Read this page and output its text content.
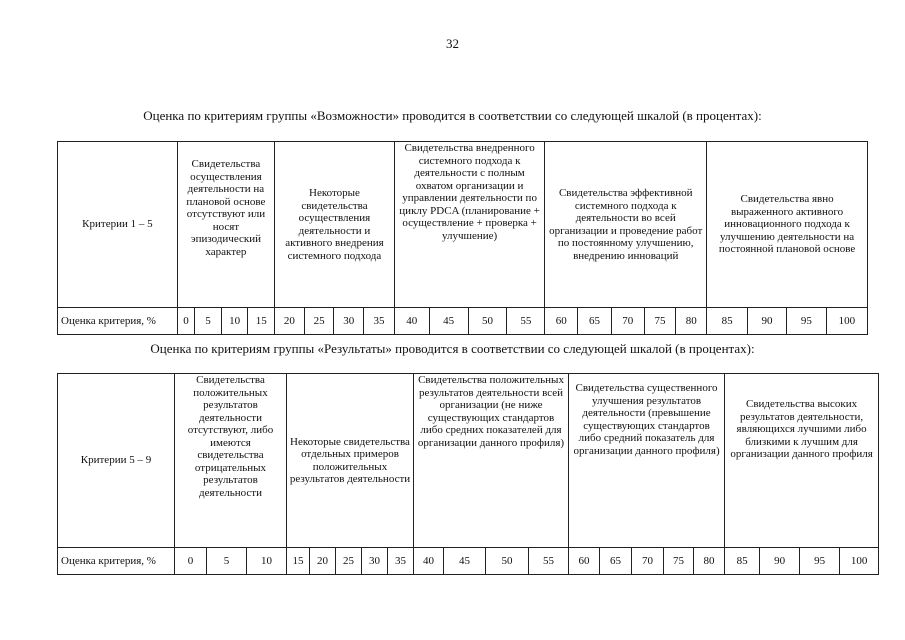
32
Оценка по критериям группы «Возможности» проводится в соответствии со следующей шкалой (в процентах):
Критерии 1 – 5	Свидетельства осуществления деятельности на плановой основе отсутствуют или носят эпизодический характер				Некоторые свидетельства осуществления деятельности и активного внедрения системного подхода				Свидетельства внедренного системного подхода к деятельности с полным охватом организации и управлении деятельности по циклу PDCA (планирование + осуществление + проверка + улучшение)				Свидетельства эффективной системного подхода к деятельности во всей организации и проведение работ по постоянному улучшению, внедрению инноваций					Свидетельства явно выраженного активного инновационного подхода к улучшению деятельности на постоянной плановой основе			
Оценка критерия, %	0	5	10	15	20	25	30	35	40	45	50	55	60	65	70	75	80	85	90	95	100
Оценка по критериям группы «Результаты» проводится в соответствии со следующей шкалой (в процентах):
Критерии 5 – 9	Свидетельства положительных результатов деятельности отсутствуют, либо имеются свидетельства отрицательных результатов деятельности			Некоторые свидетельства отдельных примеров положительных результатов деятельности					Свидетельства положительных результатов деятельности всей организации (не ниже существующих стандартов либо средних показателей для организации данного профиля)				Свидетельства существенного улучшения результатов деятельности (превышение существующих стандартов либо средний показатель для организации данного профиля)					Свидетельства высоких результатов деятельности, являющихся лучшими либо близкими к лучшим для организации данного профиля			
Оценка критерия, %	0	5	10	15	20	25	30	35	40	45	50	55	60	65	70	75	80	85	90	95	100
